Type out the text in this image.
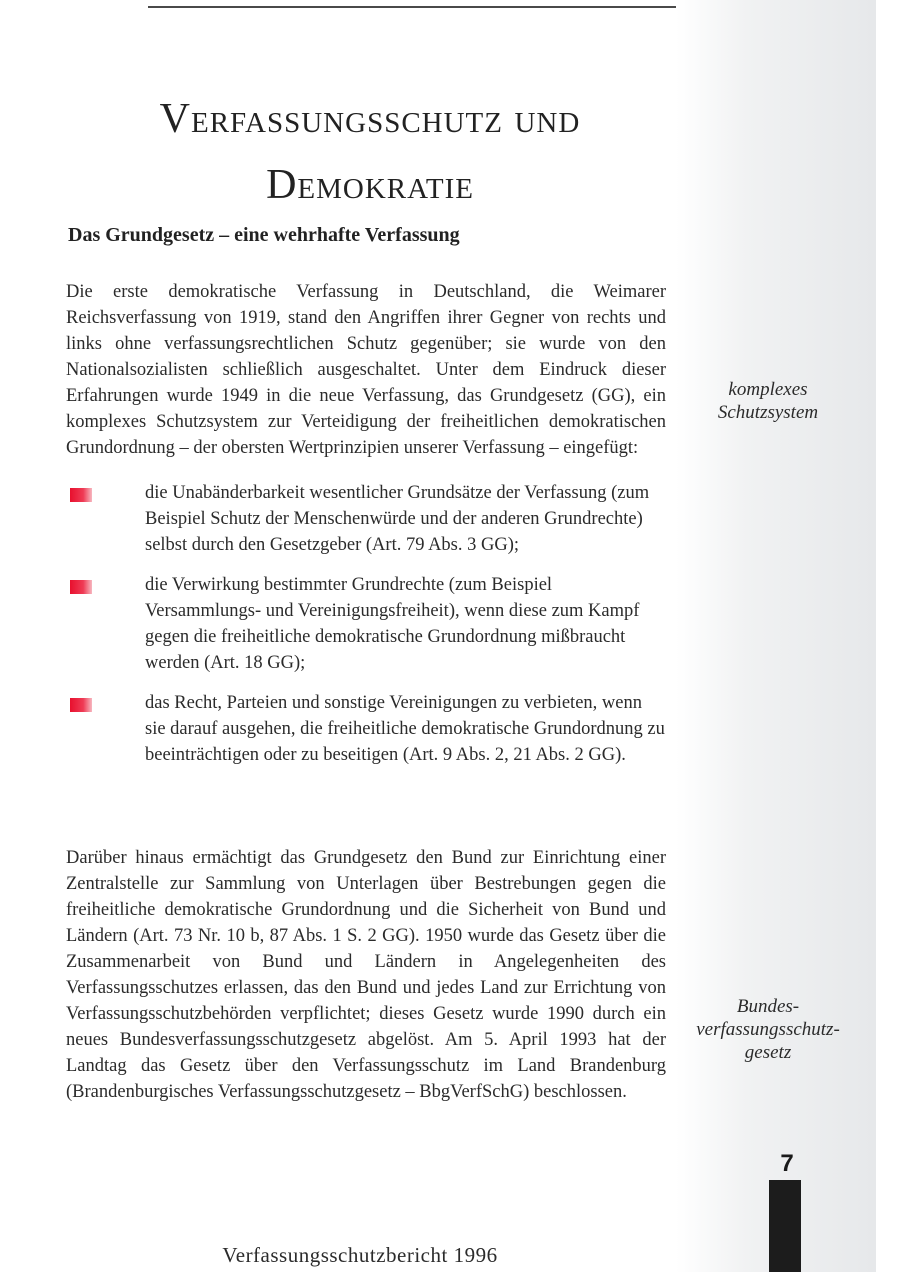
Verfassungsschutz und
Demokratie
Das Grundgesetz – eine wehrhafte Verfassung

Die erste demokratische Verfassung in Deutschland, die Weimarer Reichsverfassung von 1919, stand den Angriffen ihrer Gegner von rechts und links ohne verfassungsrechtlichen Schutz gegenüber; sie wurde von den Nationalsozialisten schließlich ausgeschaltet. Unter dem Eindruck dieser Erfahrungen wurde 1949 in die neue Verfassung, das Grundgesetz (GG), ein komplexes Schutzsystem zur Verteidigung der freiheitlichen demokratischen Grundordnung – der obersten Wertprinzipien unserer Verfassung – eingefügt:

die Unabänderbarkeit wesentlicher Grundsätze der Verfassung (zum Beispiel Schutz der Menschenwürde und der anderen Grundrechte) selbst durch den Gesetzgeber (Art. 79 Abs. 3 GG);
die Verwirkung bestimmter Grundrechte (zum Beispiel Versammlungs- und Vereinigungsfreiheit), wenn diese zum Kampf gegen die freiheitliche demokratische Grundordnung mißbraucht werden (Art. 18 GG);
das Recht, Parteien und sonstige Vereinigungen zu verbieten, wenn sie darauf ausgehen, die freiheitliche demokratische Grundordnung zu beeinträchtigen oder zu beseitigen (Art. 9 Abs. 2, 21 Abs. 2 GG).

Darüber hinaus ermächtigt das Grundgesetz den Bund zur Einrichtung einer Zentralstelle zur Sammlung von Unterlagen über Bestrebungen gegen die freiheitliche demokratische Grundordnung und die Sicherheit von Bund und Ländern (Art. 73 Nr. 10 b, 87 Abs. 1 S. 2 GG). 1950 wurde das Gesetz über die Zusammenarbeit von Bund und Ländern in Angelegenheiten des Verfassungsschutzes erlassen, das den Bund und jedes Land zur Errichtung von Verfassungsschutzbehörden verpflichtet; dieses Gesetz wurde 1990 durch ein neues Bundesverfassungsschutzgesetz abgelöst. Am 5. April 1993 hat der Landtag das Gesetz über den Verfassungsschutz im Land Brandenburg (Brandenburgisches Verfassungsschutzgesetz – BbgVerfSchG) beschlossen.

komplexes
Schutzsystem
Bundes-
verfassungsschutz-
gesetz
7
Verfassungsschutzbericht 1996
